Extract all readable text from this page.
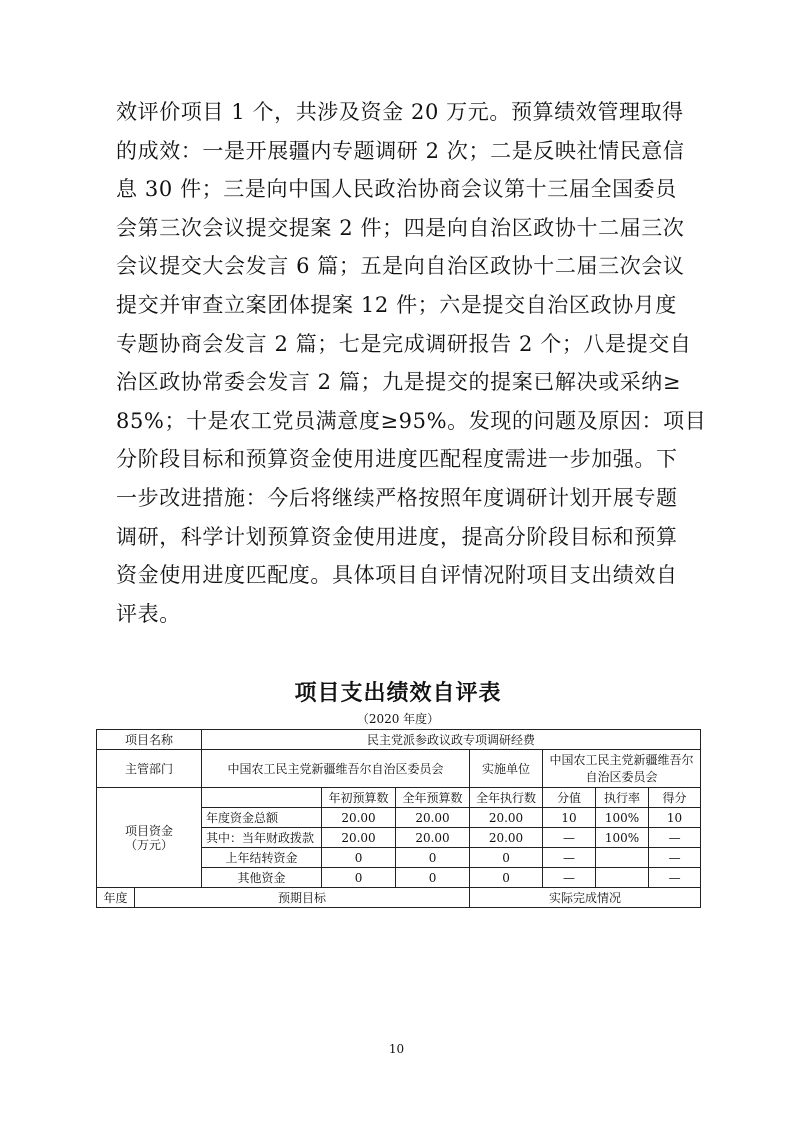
效评价项目 1 个，共涉及资金 20 万元。预算绩效管理取得
的成效：一是开展疆内专题调研 2 次；二是反映社情民意信
息 30 件；三是向中国人民政治协商会议第十三届全国委员
会第三次会议提交提案 2 件；四是向自治区政协十二届三次
会议提交大会发言 6 篇；五是向自治区政协十二届三次会议
提交并审查立案团体提案 12 件；六是提交自治区政协月度
专题协商会发言 2 篇；七是完成调研报告 2 个；八是提交自
治区政协常委会发言 2 篇；九是提交的提案已解决或采纳≥
85%；十是农工党员满意度≥95%。发现的问题及原因：项目
分阶段目标和预算资金使用进度匹配程度需进一步加强。下
一步改进措施：今后将继续严格按照年度调研计划开展专题
调研，科学计划预算资金使用进度，提高分阶段目标和预算
资金使用进度匹配度。具体项目自评情况附项目支出绩效自
评表。
项目支出绩效自评表
（2020 年度）
项目名称		民主党派参政议政专项调研经费						
主管部门		中国农工民主党新疆维吾尔自治区委员会			实施单位	中国农工民主党新疆维吾尔自治区委员会		
项目资金
（万元）			年初预算数	全年预算数	全年执行数	分值	执行率	得分
		年度资金总额	20.00	20.00	20.00	10	100%	10
		其中：当年财政拨款	20.00	20.00	20.00	—	100%	—
		上年结转资金	0	0	0	—		—
		其他资金	0	0	0	—		—
年度	预期目标				实际完成情况			
10
